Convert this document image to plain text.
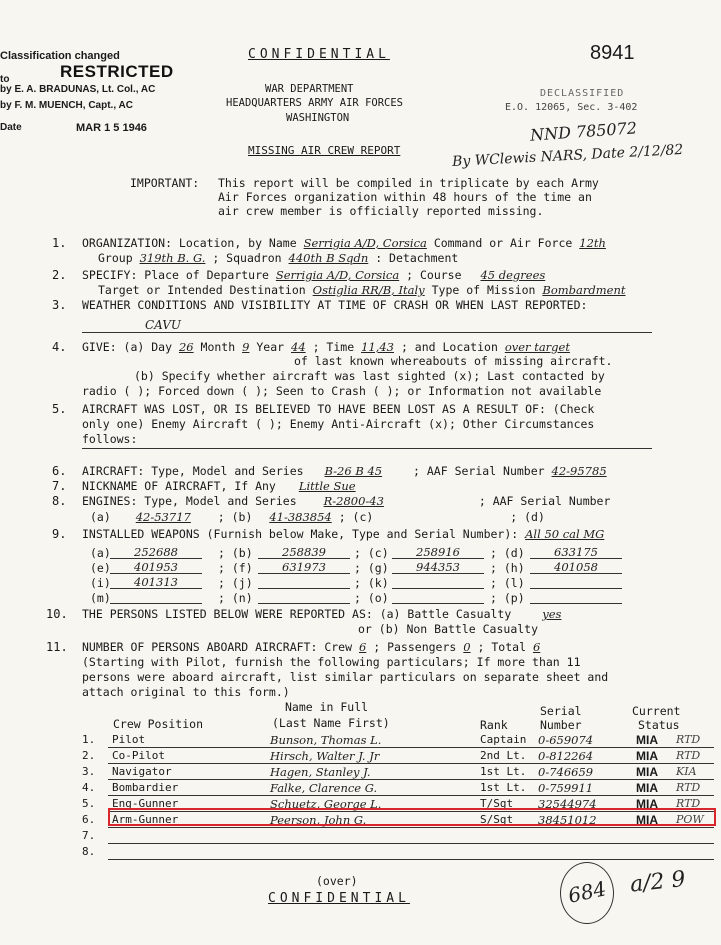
Classification changed
to	RESTRICTED
by E. A. BRADUNAS, Lt. Col., AC
by F. M. MUENCH, Capt., AC
Date	MAR 1 5 1946
CONFIDENTIAL	8941
WAR DEPARTMENT
HEADQUARTERS ARMY AIR FORCES
WASHINGTON
DECLASSIFIED
E.O. 12065, Sec. 3-402
NND 785072
By WClewis NARS, Date 2/12/82
MISSING AIR CREW REPORT
IMPORTANT: This report will be compiled in triplicate by each Army
Air Forces organization within 48 hours of the time an
air crew member is officially reported missing.
1. ORGANIZATION: Location, by Name Serrigia A/D, Corsica Command or Air Force 12th
Group 319th B. G. ; Squadron 440th B Sqdn : Detachment
2. SPECIFY: Place of Departure Serrigia A/D, Corsica ; Course 45 degrees
Target or Intended Destination Ostiglia RR/B, Italy Type of Mission Bombardment
3. WEATHER CONDITIONS AND VISIBILITY AT TIME OF CRASH OR WHEN LAST REPORTED:
CAVU
4. GIVE: (a) Day 26 Month 9 Year 44 ; Time 11,43 ; and Location over target
of last known whereabouts of missing aircraft.
(b) Specify whether aircraft was last sighted (x); Last contacted by
radio ( ); Forced down ( ); Seen to Crash ( ); or Information not available
5. AIRCRAFT WAS LOST, OR IS BELIEVED TO HAVE BEEN LOST AS A RESULT OF: (Check
only one) Enemy Aircraft ( ); Enemy Anti-Aircraft (x); Other Circumstances
follows:
6. AIRCRAFT: Type, Model and Series B-26 B 45	; AAF Serial Number 42-95785
7. NICKNAME OF AIRCRAFT, If Any Little Sue
8. ENGINES: Type, Model and Series R-2800-43	; AAF Serial Number
(a) 42-53717 ; (b) 41-383854 ; (c)	; (d)
9. INSTALLED WEAPONS (Furnish below Make, Type and Serial Number): All 50 cal MG
(a)	252688	; (b)	258839	; (c)	258916	; (d)	633175
(e)	401953	; (f)	631973	; (g)	944353	; (h)	401058
(i)	401313	; (j)	; (k)	; (l)
(m)	; (n)	; (o)	; (p)
10. THE PERSONS LISTED BELOW WERE REPORTED AS: (a) Battle Casualty	yes
or (b) Non Battle Casualty
11. NUMBER OF PERSONS ABOARD AIRCRAFT: Crew 6 ; Passengers 0 ; Total 6
(Starting with Pilot, furnish the following particulars; If more than 11
persons were aboard aircraft, list similar particulars on separate sheet and
attach original to this form.)
Name in Full	Serial	Current
Crew Position	(Last Name First)	Rank	Number	Status
1. Pilot	Bunson, Thomas L.	Captain 0-659074	MIA RTD
2. Co-Pilot	Hirsch, Walter J. Jr	2nd Lt. 0-812264	MIA RTD
3. Navigator	Hagen, Stanley J.	1st Lt. 0-746659	MIA KIA
4. Bombardier	Falke, Clarence G.	1st Lt. 0-759911	MIA RTD
5. Eng-Gunner	Schuetz, George L.	T/Sgt 32544974	MIA RTD
6. Arm-Gunner	Peerson, John G.	S/Sgt 38451012	MIA POW
7.
8.
(over)
CONFIDENTIAL	684 a/2 9
